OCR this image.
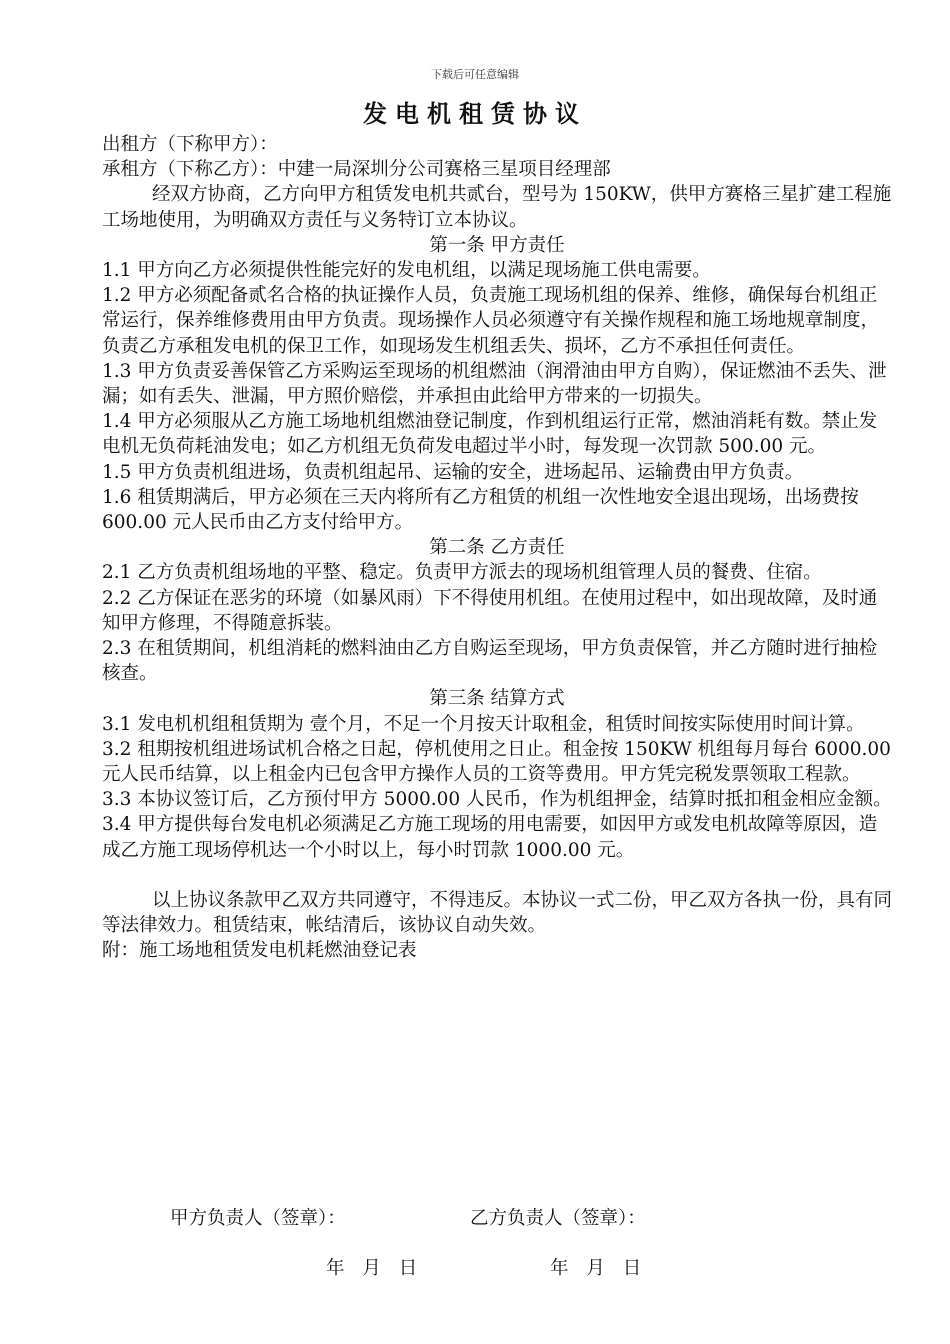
下载后可任意编辑
发电机租赁协议

出租方（下称甲方）：

承租方（下称乙方）：中建一局深圳分公司赛格三星项目经理部

经双方协商，乙方向甲方租赁发电机共贰台，型号为 150KW，供甲方赛格三星扩建工程施工场地使用，为明确双方责任与义务特订立本协议。

第一条 甲方责任

1.1 甲方向乙方必须提供性能完好的发电机组，以满足现场施工供电需要。

1.2 甲方必须配备贰名合格的执证操作人员，负责施工现场机组的保养、维修，确保每台机组正常运行，保养维修费用由甲方负责。现场操作人员必须遵守有关操作规程和施工场地规章制度，负责乙方承租发电机的保卫工作，如现场发生机组丢失、损坏，乙方不承担任何责任。

1.3 甲方负责妥善保管乙方采购运至现场的机组燃油（润滑油由甲方自购），保证燃油不丢失、泄漏；如有丢失、泄漏，甲方照价赔偿，并承担由此给甲方带来的一切损失。

1.4 甲方必须服从乙方施工场地机组燃油登记制度，作到机组运行正常，燃油消耗有数。禁止发电机无负荷耗油发电；如乙方机组无负荷发电超过半小时，每发现一次罚款 500.00 元。

1.5 甲方负责机组进场，负责机组起吊、运输的安全，进场起吊、运输费由甲方负责。

1.6 租赁期满后，甲方必须在三天内将所有乙方租赁的机组一次性地安全退出现场，出场费按 600.00 元人民币由乙方支付给甲方。

第二条 乙方责任

2.1 乙方负责机组场地的平整、稳定。负责甲方派去的现场机组管理人员的餐费、住宿。

2.2 乙方保证在恶劣的环境（如暴风雨）下不得使用机组。在使用过程中，如出现故障，及时通知甲方修理，不得随意拆装。

2.3 在租赁期间，机组消耗的燃料油由乙方自购运至现场，甲方负责保管，并乙方随时进行抽检核查。

第三条 结算方式

3.1 发电机机组租赁期为 壹个月，不足一个月按天计取租金，租赁时间按实际使用时间计算。

3.2 租期按机组进场试机合格之日起，停机使用之日止。租金按 150KW 机组每月每台 6000.00 元人民币结算，以上租金内已包含甲方操作人员的工资等费用。甲方凭完税发票领取工程款。

3.3 本协议签订后，乙方预付甲方 5000.00 人民币，作为机组押金，结算时抵扣租金相应金额。

3.4 甲方提供每台发电机必须满足乙方施工现场的用电需要，如因甲方或发电机故障等原因，造成乙方施工现场停机达一个小时以上，每小时罚款 1000.00 元。

以上协议条款甲乙双方共同遵守，不得违反。本协议一式二份，甲乙双方各执一份，具有同等法律效力。租赁结束，帐结清后，该协议自动失效。

附：施工场地租赁发电机耗燃油登记表

甲方负责人（签章）：	乙方负责人（签章）：
年 月 日	年 月 日
